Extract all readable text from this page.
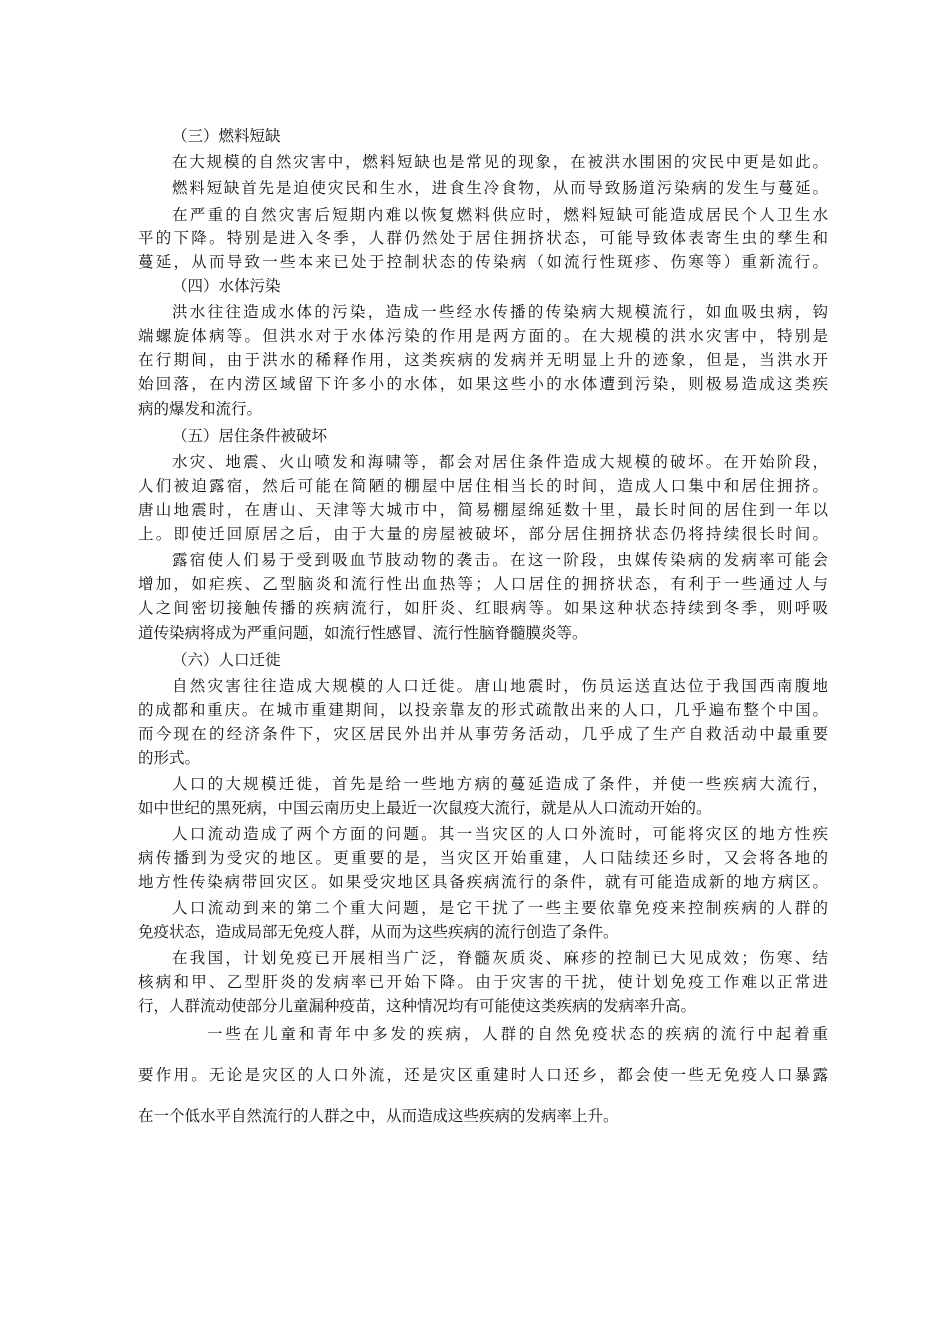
（三）燃料短缺

在大规模的自然灾害中，燃料短缺也是常见的现象，在被洪水围困的灾民中更是如此。

燃料短缺首先是迫使灾民和生水，进食生冷食物，从而导致肠道污染病的发生与蔓延。

在严重的自然灾害后短期内难以恢复燃料供应时，燃料短缺可能造成居民个人卫生水

平的下降。特别是进入冬季，人群仍然处于居住拥挤状态，可能导致体表寄生虫的孳生和

蔓延，从而导致一些本来已处于控制状态的传染病（如流行性斑疹、伤寒等）重新流行。

（四）水体污染

洪水往往造成水体的污染，造成一些经水传播的传染病大规模流行，如血吸虫病，钩

端螺旋体病等。但洪水对于水体污染的作用是两方面的。在大规模的洪水灾害中，特别是

在行期间，由于洪水的稀释作用，这类疾病的发病并无明显上升的迹象，但是，当洪水开

始回落，在内涝区域留下许多小的水体，如果这些小的水体遭到污染，则极易造成这类疾

病的爆发和流行。

（五）居住条件被破坏

水灾、地震、火山喷发和海啸等，都会对居住条件造成大规模的破坏。在开始阶段，

人们被迫露宿，然后可能在简陋的棚屋中居住相当长的时间，造成人口集中和居住拥挤。

唐山地震时，在唐山、天津等大城市中，简易棚屋绵延数十里，最长时间的居住到一年以

上。即使迁回原居之后，由于大量的房屋被破坏，部分居住拥挤状态仍将持续很长时间。

露宿使人们易于受到吸血节肢动物的袭击。在这一阶段，虫媒传染病的发病率可能会

增加，如疟疾、乙型脑炎和流行性出血热等；人口居住的拥挤状态，有利于一些通过人与

人之间密切接触传播的疾病流行，如肝炎、红眼病等。如果这种状态持续到冬季，则呼吸

道传染病将成为严重问题，如流行性感冒、流行性脑脊髓膜炎等。

（六）人口迁徙

自然灾害往往造成大规模的人口迁徙。唐山地震时，伤员运送直达位于我国西南腹地

的成都和重庆。在城市重建期间，以投亲靠友的形式疏散出来的人口，几乎遍布整个中国。

而今现在的经济条件下，灾区居民外出并从事劳务活动，几乎成了生产自救活动中最重要

的形式。

人口的大规模迁徙，首先是给一些地方病的蔓延造成了条件，并使一些疾病大流行，

如中世纪的黑死病，中国云南历史上最近一次鼠疫大流行，就是从人口流动开始的。

人口流动造成了两个方面的问题。其一当灾区的人口外流时，可能将灾区的地方性疾

病传播到为受灾的地区。更重要的是，当灾区开始重建，人口陆续还乡时，又会将各地的

地方性传染病带回灾区。如果受灾地区具备疾病流行的条件，就有可能造成新的地方病区。

人口流动到来的第二个重大问题，是它干扰了一些主要依靠免疫来控制疾病的人群的

免疫状态，造成局部无免疫人群，从而为这些疾病的流行创造了条件。

在我国，计划免疫已开展相当广泛，脊髓灰质炎、麻疹的控制已大见成效；伤寒、结

核病和甲、乙型肝炎的发病率已开始下降。由于灾害的干扰，使计划免疫工作难以正常进

行，人群流动使部分儿童漏种疫苗，这种情况均有可能使这类疾病的发病率升高。

一些在儿童和青年中多发的疾病，人群的自然免疫状态的疾病的流行中起着重

要作用。无论是灾区的人口外流，还是灾区重建时人口还乡，都会使一些无免疫人口暴露

在一个低水平自然流行的人群之中，从而造成这些疾病的发病率上升。
